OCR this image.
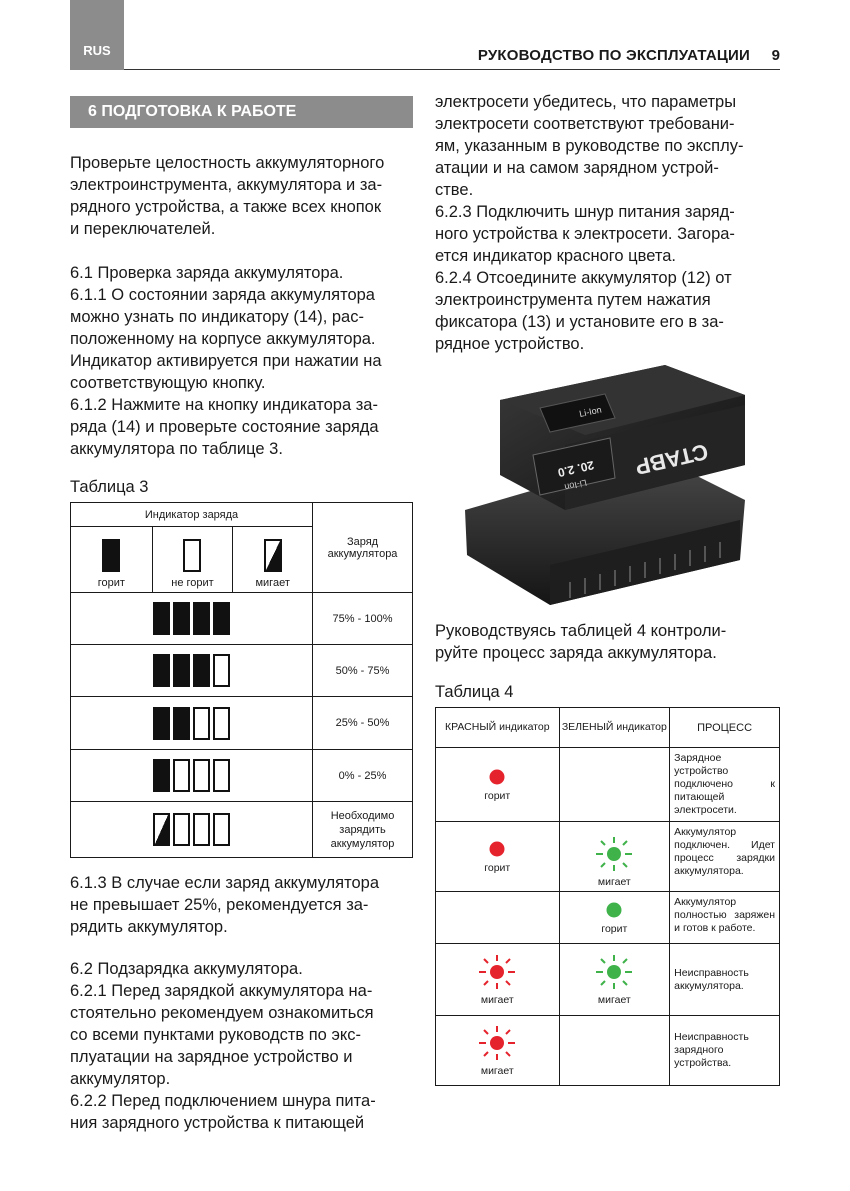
RUS	РУКОВОДСТВО ПО ЭКСПЛУАТАЦИИ 9
6 ПОДГОТОВКА К РАБОТЕ
Проверьте целостность аккумуляторного
электроинструмента, аккумулятора и за-
рядного устройства, а также всех кнопок
и переключателей.
6.1 Проверка заряда аккумулятора.
6.1.1 О состоянии заряда аккумулятора
можно узнать по индикатору (14), рас-
положенному на корпусе аккумулятора.
Индикатор активируется при нажатии на
соответствующую кнопку.
6.1.2 Нажмите на кнопку индикатора за-
ряда (14) и проверьте состояние заряда
аккумулятора по таблице 3.
Таблица 3
Индикатор заряда			Заряд аккумулятора

горит	не горит	мигает	

			75% - 100%
			50% - 75%
			25% - 50%
			0% - 25%
			Необходимо зарядить аккумулятор
6.1.3 В случае если заряд аккумулятора
не превышает 25%, рекомендуется за-
рядить аккумулятор.
6.2 Подзарядка аккумулятора.
6.2.1 Перед зарядкой аккумулятора на-
стоятельно рекомендуем ознакомиться
со всеми пунктами руководств по экс-
плуатации на зарядное устройство и
аккумулятор.
6.2.2 Перед подключением шнура пита-
ния зарядного устройства к питающей
электросети убедитесь, что параметры
электросети соответствуют требовани-
ям, указанным в руководстве по эксплу-
атации и на самом зарядном устрой-
стве.
6.2.3 Подключить шнур питания заряд-
ного устройства к электросети. Загора-
ется индикатор красного цвета.
6.2.4 Отсоедините аккумулятор (12) от
электроинструмента путем нажатия
фиксатора (13) и установите его в за-
рядное устройство.
Li-Ion
20. 2.0
Li-Ion
СТАВР
Руководствуясь таблицей 4 контроли-
руйте процесс заряда аккумулятора.
Таблица 4
КРАСНЫЙ индикатор	ЗЕЛЕНЫЙ индикатор	ПРОЦЕСС

горит		Зарядное устройство подключено к питающей электросети.

горит	мигает	Аккумулятор подключен. Идет процесс зарядки аккумулятора.

	горит	Аккумулятор полностью заряжен и готов к работе.

мигает	мигает	Неисправность аккумулятора.

мигает		Неисправность зарядного устройства.
